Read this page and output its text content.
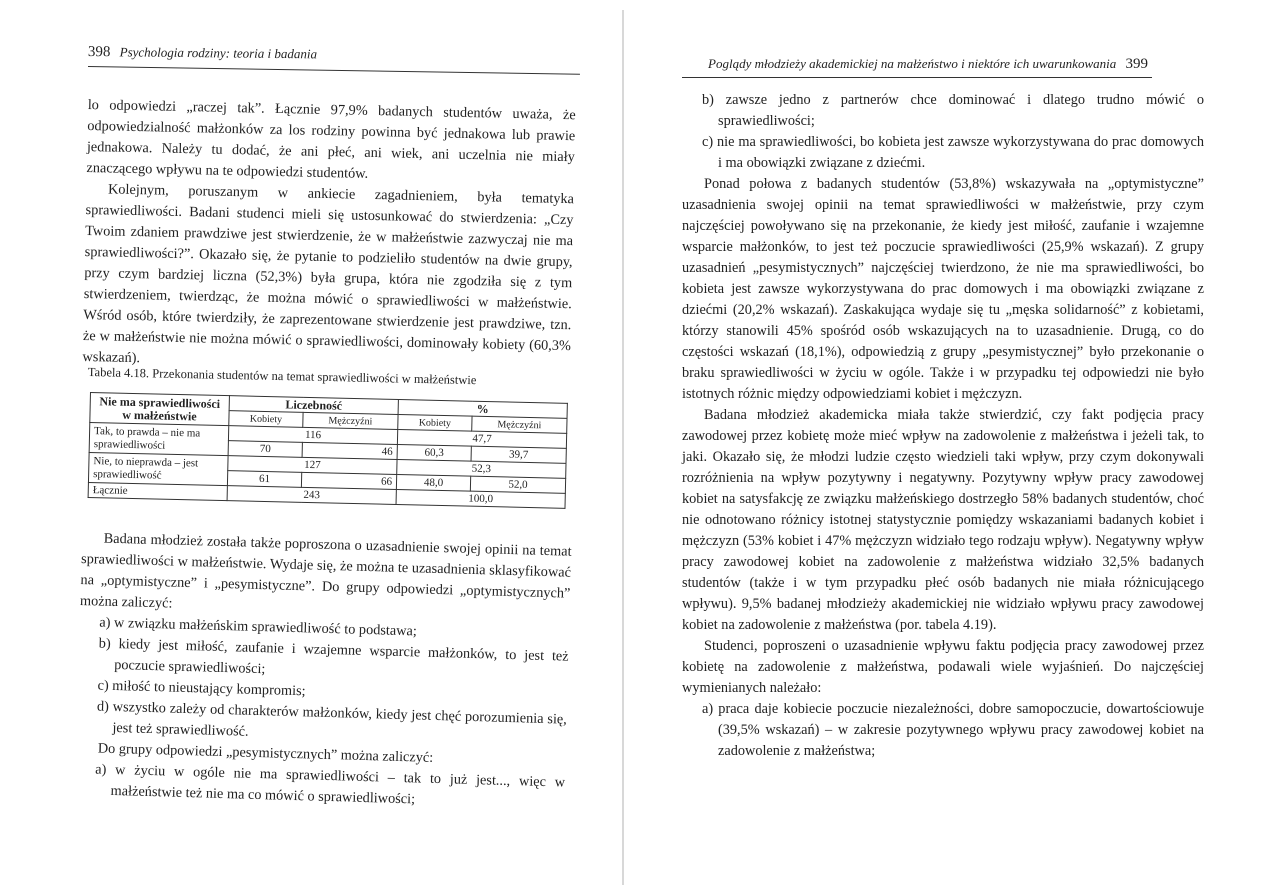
398 Psychologia rodziny: teoria i badania

lo odpowiedzi „raczej tak”. Łącznie 97,9% badanych studentów uważa, że odpowiedzialność małżonków za los rodziny powinna być jednakowa lub prawie jednakowa. Należy tu dodać, że ani płeć, ani wiek, ani uczelnia nie miały znaczącego wpływu na te odpowiedzi studentów.

Kolejnym, poruszanym w ankiecie zagadnieniem, była tematyka sprawiedliwości. Badani studenci mieli się ustosunkować do stwierdzenia: „Czy Twoim zdaniem prawdziwe jest stwierdzenie, że w małżeństwie zazwyczaj nie ma sprawiedliwości?”. Okazało się, że pytanie to podzieliło studentów na dwie grupy, przy czym bardziej liczna (52,3%) była grupa, która nie zgodziła się z tym stwierdzeniem, twierdząc, że można mówić o sprawiedliwości w małżeństwie. Wśród osób, które twierdziły, że zaprezentowane stwierdzenie jest prawdziwe, tzn. że w małżeństwie nie można mówić o sprawiedliwości, dominowały kobiety (60,3% wskazań).

Tabela 4.18. Przekonania studentów na temat sprawiedliwości w małżeństwie
Nie ma sprawiedliwości w małżeństwie	Liczebność		%	
	Kobiety	Mężczyźni	Kobiety	Mężczyźni
Tak, to prawda – nie ma sprawiedliwości	116		47,7	
	70	46	60,3	39,7
Nie, to nieprawda – jest sprawiedliwość	127		52,3	
	61	66	48,0	52,0
Łącznie	243		100,0	

Badana młodzież została także poproszona o uzasadnienie swojej opinii na temat sprawiedliwości w małżeństwie. Wydaje się, że można te uzasadnienia sklasyfikować na „optymistyczne” i „pesymistyczne”. Do grupy odpowiedzi „optymistycznych” można zaliczyć:

a) w związku małżeńskim sprawiedliwość to podstawa;

b) kiedy jest miłość, zaufanie i wzajemne wsparcie małżonków, to jest też poczucie sprawiedliwości;

c) miłość to nieustający kompromis;

d) wszystko zależy od charakterów małżonków, kiedy jest chęć porozumienia się, jest też sprawiedliwość.

Do grupy odpowiedzi „pesymistycznych” można zaliczyć:

a) w życiu w ogóle nie ma sprawiedliwości – tak to już jest..., więc w małżeństwie też nie ma co mówić o sprawiedliwości;

Poglądy młodzieży akademickiej na małżeństwo i niektóre ich uwarunkowania 399

b) zawsze jedno z partnerów chce dominować i dlatego trudno mówić o sprawiedliwości;

c) nie ma sprawiedliwości, bo kobieta jest zawsze wykorzystywana do prac domowych i ma obowiązki związane z dziećmi.

Ponad połowa z badanych studentów (53,8%) wskazywała na „optymistyczne” uzasadnienia swojej opinii na temat sprawiedliwości w małżeństwie, przy czym najczęściej powoływano się na przekonanie, że kiedy jest miłość, zaufanie i wzajemne wsparcie małżonków, to jest też poczucie sprawiedliwości (25,9% wskazań). Z grupy uzasadnień „pesymistycznych” najczęściej twierdzono, że nie ma sprawiedliwości, bo kobieta jest zawsze wykorzystywana do prac domowych i ma obowiązki związane z dziećmi (20,2% wskazań). Zaskakująca wydaje się tu „męska solidarność” z kobietami, którzy stanowili 45% spośród osób wskazujących na to uzasadnienie. Drugą, co do częstości wskazań (18,1%), odpowiedzią z grupy „pesymistycznej” było przekonanie o braku sprawiedliwości w życiu w ogóle. Także i w przypadku tej odpowiedzi nie było istotnych różnic między odpowiedziami kobiet i mężczyzn.

Badana młodzież akademicka miała także stwierdzić, czy fakt podjęcia pracy zawodowej przez kobietę może mieć wpływ na zadowolenie z małżeństwa i jeżeli tak, to jaki. Okazało się, że młodzi ludzie często wiedzieli taki wpływ, przy czym dokonywali rozróżnienia na wpływ pozytywny i negatywny. Pozytywny wpływ pracy zawodowej kobiet na satysfakcję ze związku małżeńskiego dostrzegło 58% badanych studentów, choć nie odnotowano różnicy istotnej statystycznie pomiędzy wskazaniami badanych kobiet i mężczyzn (53% kobiet i 47% mężczyzn widziało tego rodzaju wpływ). Negatywny wpływ pracy zawodowej kobiet na zadowolenie z małżeństwa widziało 32,5% badanych studentów (także i w tym przypadku płeć osób badanych nie miała różnicującego wpływu). 9,5% badanej młodzieży akademickiej nie widziało wpływu pracy zawodowej kobiet na zadowolenie z małżeństwa (por. tabela 4.19).

Studenci, poproszeni o uzasadnienie wpływu faktu podjęcia pracy zawodowej przez kobietę na zadowolenie z małżeństwa, podawali wiele wyjaśnień. Do najczęściej wymienianych należało:

a) praca daje kobiecie poczucie niezależności, dobre samopoczucie, dowartościowuje (39,5% wskazań) – w zakresie pozytywnego wpływu pracy zawodowej kobiet na zadowolenie z małżeństwa;
